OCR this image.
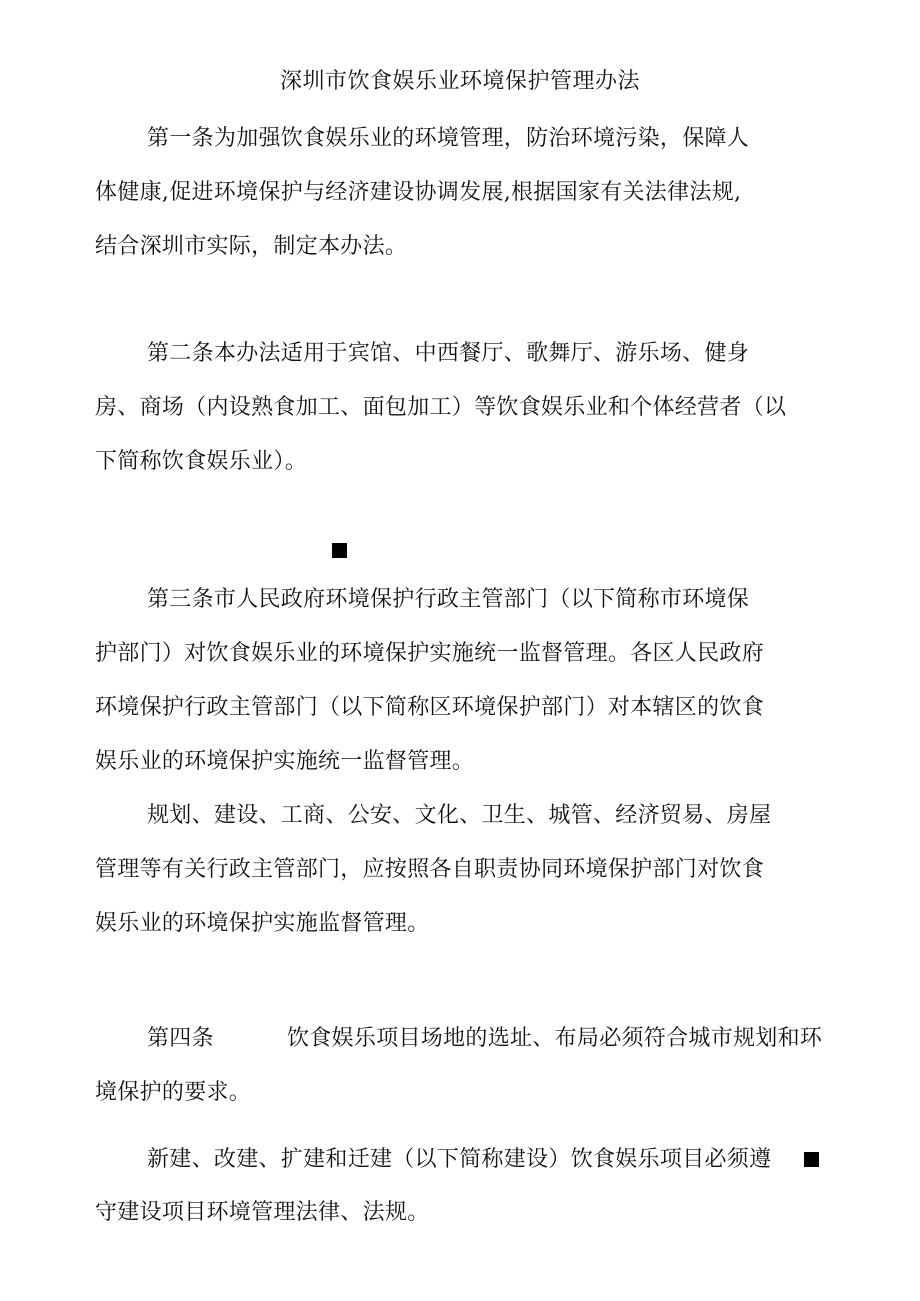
深圳市饮食娱乐业环境保护管理办法
第一条为加强饮食娱乐业的环境管理，防治环境污染，保障人
体健康,促进环境保护与经济建设协调发展,根据国家有关法律法规,
结合深圳市实际，制定本办法。
第二条本办法适用于宾馆、中西餐厅、歌舞厅、游乐场、健身
房、商场（内设熟食加工、面包加工）等饮食娱乐业和个体经营者（以
下简称饮食娱乐业）。
第三条市人民政府环境保护行政主管部门（以下简称市环境保
护部门）对饮食娱乐业的环境保护实施统一监督管理。各区人民政府
环境保护行政主管部门（以下简称区环境保护部门）对本辖区的饮食
娱乐业的环境保护实施统一监督管理。
规划、建设、工商、公安、文化、卫生、城管、经济贸易、房屋
管理等有关行政主管部门，应按照各自职责协同环境保护部门对饮食
娱乐业的环境保护实施监督管理。
第四条	饮食娱乐项目场地的选址、布局必须符合城市规划和环
境保护的要求。
新建、改建、扩建和迁建（以下简称建设）饮食娱乐项目必须遵
守建设项目环境管理法律、法规。
